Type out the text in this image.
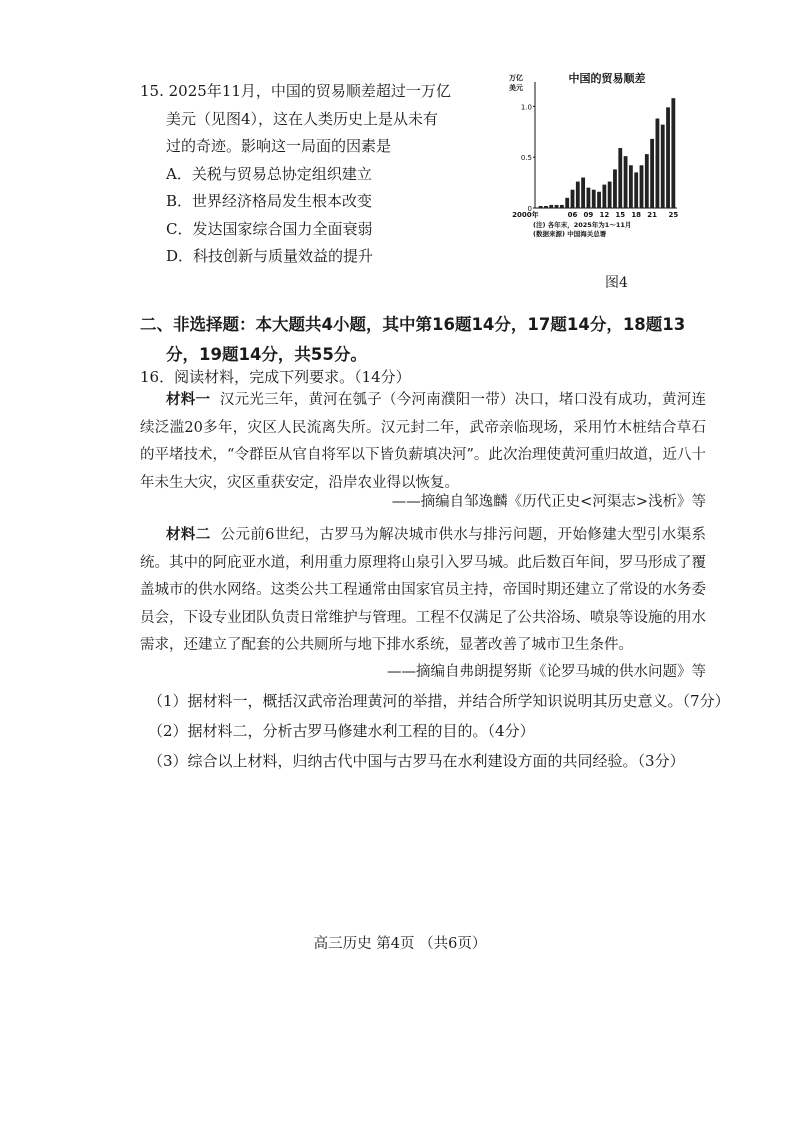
15. 2025年11月，中国的贸易顺差超过一万亿
美元（见图4），这在人类历史上是从未有
过的奇迹。影响这一局面的因素是
A．关税与贸易总协定组织建立
B．世界经济格局发生根本改变
C．发达国家综合国力全面衰弱
D．科技创新与质量效益的提升
中国的贸易顺差
万亿
美元
0
0.5
1.0
2000年	06 09 12 15 18 21 25
(注) 各年末，2025年为1～11月
(数据来源) 中国海关总署
图4
二、非选择题：本大题共4小题，其中第16题14分，17题14分，18题13
分，19题14分，共55分。
16．阅读材料，完成下列要求。（14分）
材料一 汉元光三年，黄河在瓠子（今河南濮阳一带）决口，堵口没有成功，黄河连续泛滥20多年，灾区人民流离失所。汉元封二年，武帝亲临现场，采用竹木桩结合草石的平堵技术，“令群臣从官自将军以下皆负薪填决河”。此次治理使黄河重归故道，近八十年未生大灾，灾区重获安定，沿岸农业得以恢复。
——摘编自邹逸麟《历代正史<河渠志>浅析》等
材料二 公元前6世纪，古罗马为解决城市供水与排污问题，开始修建大型引水渠系统。其中的阿庇亚水道，利用重力原理将山泉引入罗马城。此后数百年间，罗马形成了覆盖城市的供水网络。这类公共工程通常由国家官员主持，帝国时期还建立了常设的水务委员会，下设专业团队负责日常维护与管理。工程不仅满足了公共浴场、喷泉等设施的用水需求，还建立了配套的公共厕所与地下排水系统，显著改善了城市卫生条件。
——摘编自弗朗提努斯《论罗马城的供水问题》等
（1）据材料一，概括汉武帝治理黄河的举措，并结合所学知识说明其历史意义。（7分）
（2）据材料二，分析古罗马修建水利工程的目的。（4分）
（3）综合以上材料，归纳古代中国与古罗马在水利建设方面的共同经验。（3分）
高三历史 第4页 （共6页）
